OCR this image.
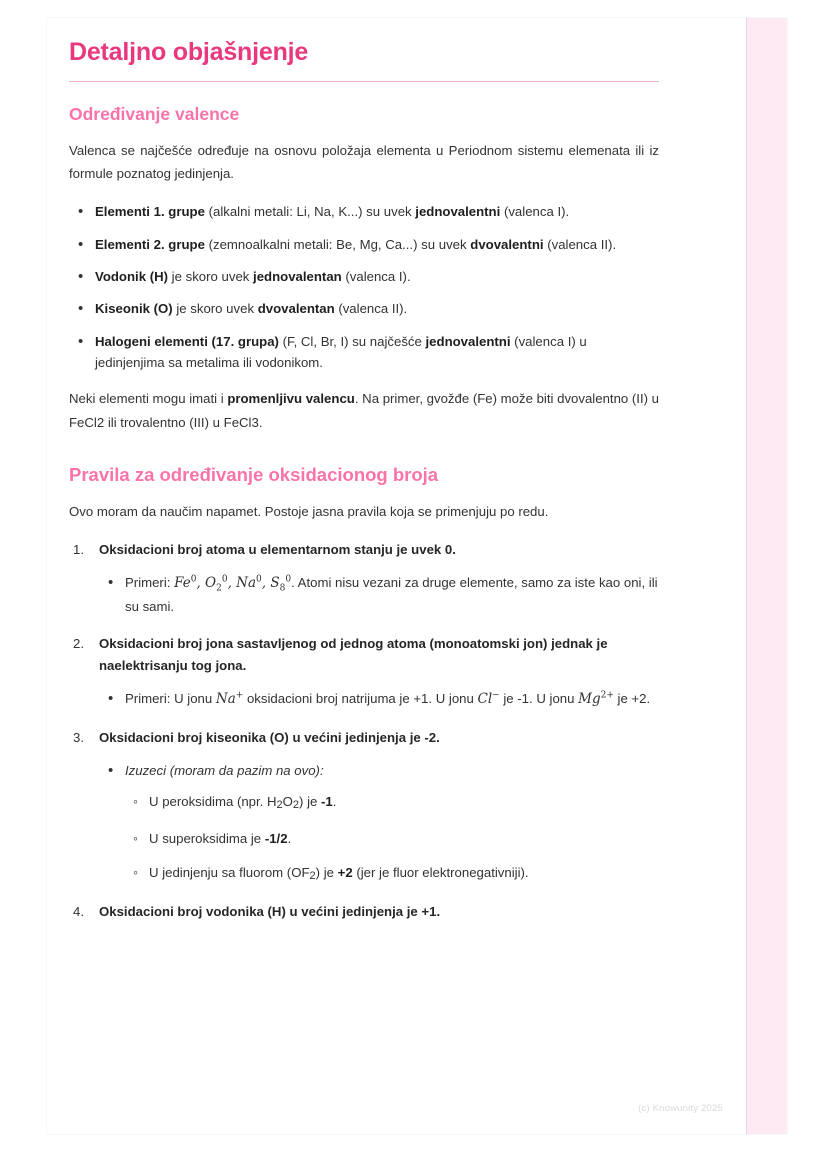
Detaljno objašnjenje
Određivanje valence

Valenca se najčešće određuje na osnovu položaja elementa u Periodnom sistemu elemenata ili iz formule poznatog jedinjenja.

• Elementi 1. grupe (alkalni metali: Li, Na, K...) su uvek jednovalentni (valenca I).
• Elementi 2. grupe (zemnoalkalni metali: Be, Mg, Ca...) su uvek dvovalentni (valenca II).
• Vodonik (H) je skoro uvek jednovalentan (valenca I).
• Kiseonik (O) je skoro uvek dvovalentan (valenca II).
• Halogeni elementi (17. grupa) (F, Cl, Br, I) su najčešće jednovalentni (valenca I) u jedinjenjima sa metalima ili vodonikom.

Neki elementi mogu imati i promenljivu valencu. Na primer, gvožđe (Fe) može biti dvovalentno (II) u FeCl2 ili trovalentno (III) u FeCl3.

Pravila za određivanje oksidacionog broja

Ovo moram da naučim napamet. Postoje jasna pravila koja se primenjuju po redu.

Oksidacioni broj atoma u elementarnom stanju je uvek 0.
• Primeri: Fe$^0$, $O_2^0$, Na$^0$, $S_8^0$. Atomi nisu vezani za druge elemente, samo za iste kao oni, ili su sami.
Oksidacioni broj jona sastavljenog od jednog atoma (monoatomski jon) jednak je naelektrisanju tog jona.
• Primeri: U jonu Na+ oksidacioni broj natrijuma je +1. U jonu Cl− je -1. U jonu $Mg^{2+}$ je +2.
Oksidacioni broj kiseonika (O) u većini jedinjenja je -2.
• Izuzeci (moram da pazim na ovo):
◦ U peroksidima (npr. H2O2) je -1.
◦ U superoksidima je -1/2.
◦ U jedinjenju sa fluorom (OF2) je +2 (jer je fluor elektronegativniji).
Oksidacioni broj vodonika (H) u većini jedinjenja je +1.
(c) Knowunity 2025
